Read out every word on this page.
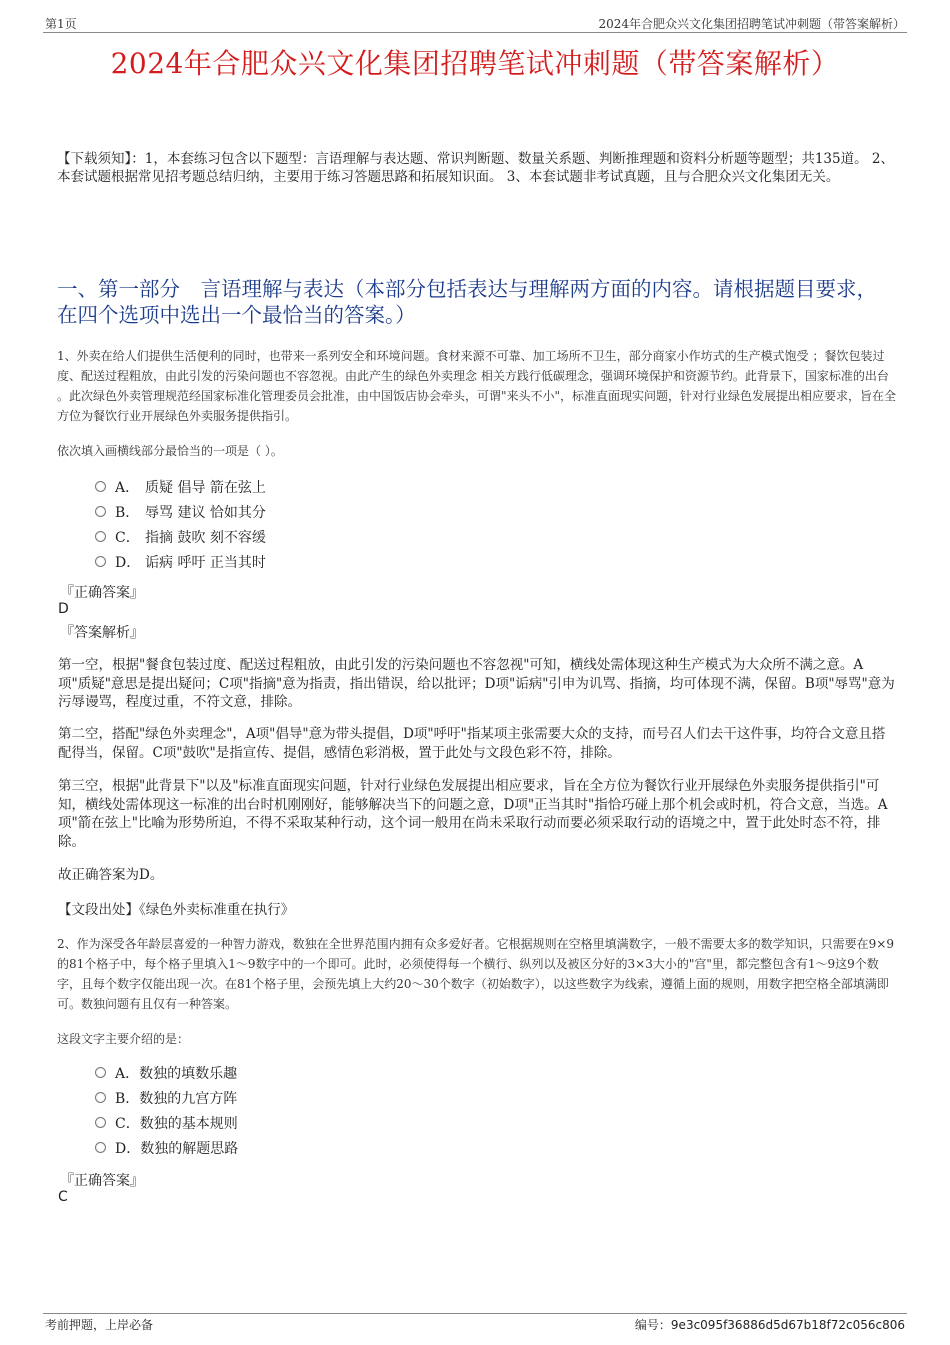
第1页	2024年合肥众兴文化集团招聘笔试冲刺题（带答案解析）
2024年合肥众兴文化集团招聘笔试冲刺题（带答案解析）
【下载须知】：1，本套练习包含以下题型：言语理解与表达题、常识判断题、数量关系题、判断推理题和资料分析题等题型；共135道。 2、本套试题根据常见招考题总结归纳，主要用于练习答题思路和拓展知识面。 3、本套试题非考试真题，且与合肥众兴文化集团无关。
一、第一部分　言语理解与表达（本部分包括表达与理解两方面的内容。请根据题目要求，在四个选项中选出一个最恰当的答案。）
1、外卖在给人们提供生活便利的同时，也带来一系列安全和环境问题。食材来源不可靠、加工场所不卫生，部分商家小作坊式的生产模式饱受 ；餐饮包装过度、配送过程粗放，由此引发的污染问题也不容忽视。由此产生的绿色外卖理念 相关方践行低碳理念，强调环境保护和资源节约。此背景下，国家标准的出台 。此次绿色外卖管理规范经国家标准化管理委员会批准，由中国饭店协会牵头，可谓"来头不小"，标准直面现实问题，针对行业绿色发展提出相应要求，旨在全方位为餐饮行业开展绿色外卖服务提供指引。
依次填入画横线部分最恰当的一项是（ ）。
A． 质疑 倡导 箭在弦上
B． 辱骂 建议 恰如其分
C． 指摘 鼓吹 刻不容缓
D． 诟病 呼吁 正当其时
『正确答案』
D
『答案解析』
第一空，根据"餐食包装过度、配送过程粗放，由此引发的污染问题也不容忽视"可知，横线处需体现这种生产模式为大众所不满之意。A项"质疑"意思是提出疑问；C项"指摘"意为指责，指出错误，给以批评；D项"诟病"引申为讥骂、指摘，均可体现不满，保留。B项"辱骂"意为污辱谩骂，程度过重，不符文意，排除。
第二空，搭配"绿色外卖理念"，A项"倡导"意为带头提倡，D项"呼吁"指某项主张需要大众的支持，而号召人们去干这件事，均符合文意且搭配得当，保留。C项"鼓吹"是指宣传、提倡，感情色彩消极，置于此处与文段色彩不符，排除。
第三空，根据"此背景下"以及"标准直面现实问题，针对行业绿色发展提出相应要求，旨在全方位为餐饮行业开展绿色外卖服务提供指引"可知，横线处需体现这一标准的出台时机刚刚好，能够解决当下的问题之意，D项"正当其时"指恰巧碰上那个机会或时机，符合文意，当选。A项"箭在弦上"比喻为形势所迫，不得不采取某种行动，这个词一般用在尚未采取行动而要必须采取行动的语境之中，置于此处时态不符，排除。
故正确答案为D。
【文段出处】《绿色外卖标准重在执行》
2、作为深受各年龄层喜爱的一种智力游戏，数独在全世界范围内拥有众多爱好者。它根据规则在空格里填满数字，一般不需要太多的数学知识，只需要在9×9的81个格子中，每个格子里填入1～9数字中的一个即可。此时，必须使得每一个横行、纵列以及被区分好的3×3大小的"宫"里，都完整包含有1～9这9个数字，且每个数字仅能出现一次。在81个格子里，会预先填上大约20～30个数字（初始数字），以这些数字为线索，遵循上面的规则，用数字把空格全部填满即可。数独问题有且仅有一种答案。
这段文字主要介绍的是：
A． 数独的填数乐趣
B． 数独的九宫方阵
C． 数独的基本规则
D． 数独的解题思路
『正确答案』
C
考前押题，上岸必备	编号：9e3c095f36886d5d67b18f72c056c806
